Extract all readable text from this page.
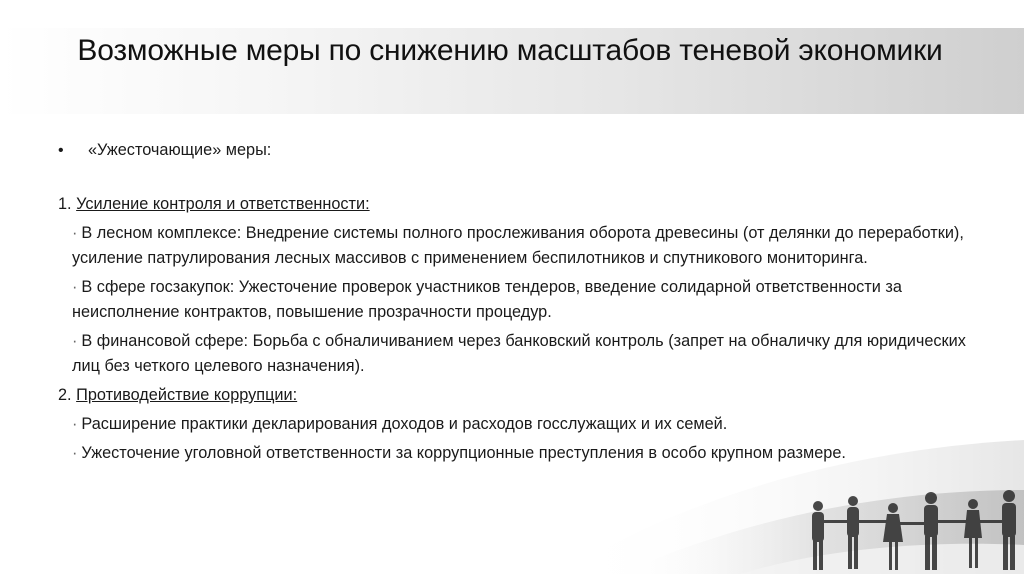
Возможные меры по снижению масштабов теневой экономики
•	«Ужесточающие» меры:
1. Усиление контроля и ответственности:
· В лесном комплексе: Внедрение системы полного прослеживания оборота древесины (от делянки до переработки), усиление патрулирования лесных массивов с применением беспилотников и спутникового мониторинга.
· В сфере госзакупок: Ужесточение проверок участников тендеров, введение солидарной ответственности за неисполнение контрактов, повышение прозрачности процедур.
· В финансовой сфере: Борьба с обналичиванием через банковский контроль (запрет на обналичку для юридических лиц без четкого целевого назначения).
2. Противодействие коррупции:
· Расширение практики декларирования доходов и расходов госслужащих и их семей.
· Ужесточение уголовной ответственности за коррупционные преступления в особо крупном размере.
